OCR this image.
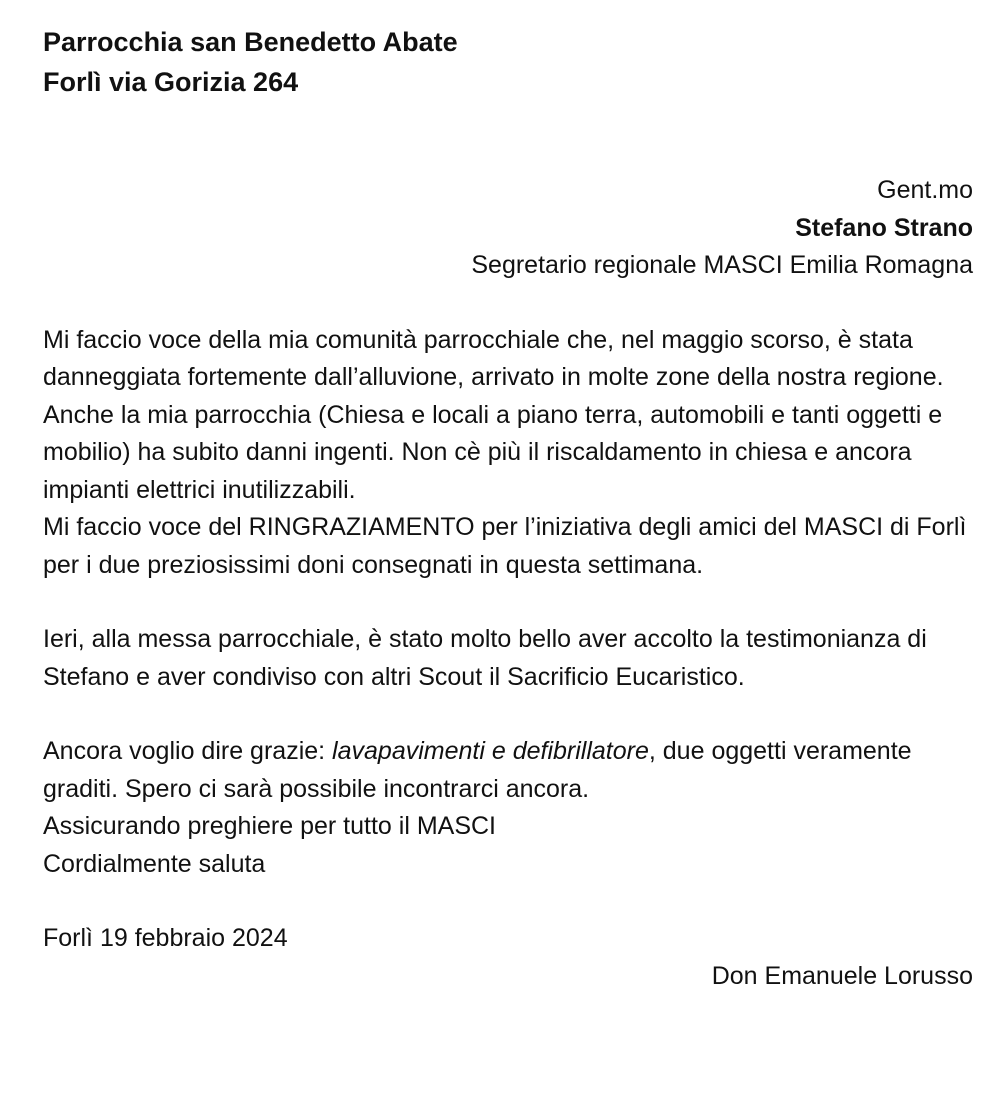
Parrocchia san Benedetto Abate

Forlì via Gorizia 264

Gent.mo
Stefano Strano
Segretario regionale MASCI Emilia Romagna

Mi faccio voce della mia comunità parrocchiale che, nel maggio scorso, è stata danneggiata fortemente dall’alluvione, arrivato in molte zone della nostra regione.

Anche la mia parrocchia (Chiesa e locali a piano terra, automobili e tanti oggetti e mobilio) ha subito danni ingenti. Non cè più il riscaldamento in chiesa e ancora impianti elettrici inutilizzabili.

Mi faccio voce del RINGRAZIAMENTO per l’iniziativa degli amici del MASCI di Forlì per i due preziosissimi doni consegnati in questa settimana.

Ieri, alla messa parrocchiale, è stato molto bello aver accolto la testimonianza di Stefano e aver condiviso con altri Scout il Sacrificio Eucaristico.

Ancora voglio dire grazie: lavapavimenti e defibrillatore, due oggetti veramente graditi. Spero ci sarà possibile incontrarci ancora.

Assicurando preghiere per tutto il MASCI

Cordialmente saluta

Forlì 19 febbraio 2024

Don Emanuele Lorusso
